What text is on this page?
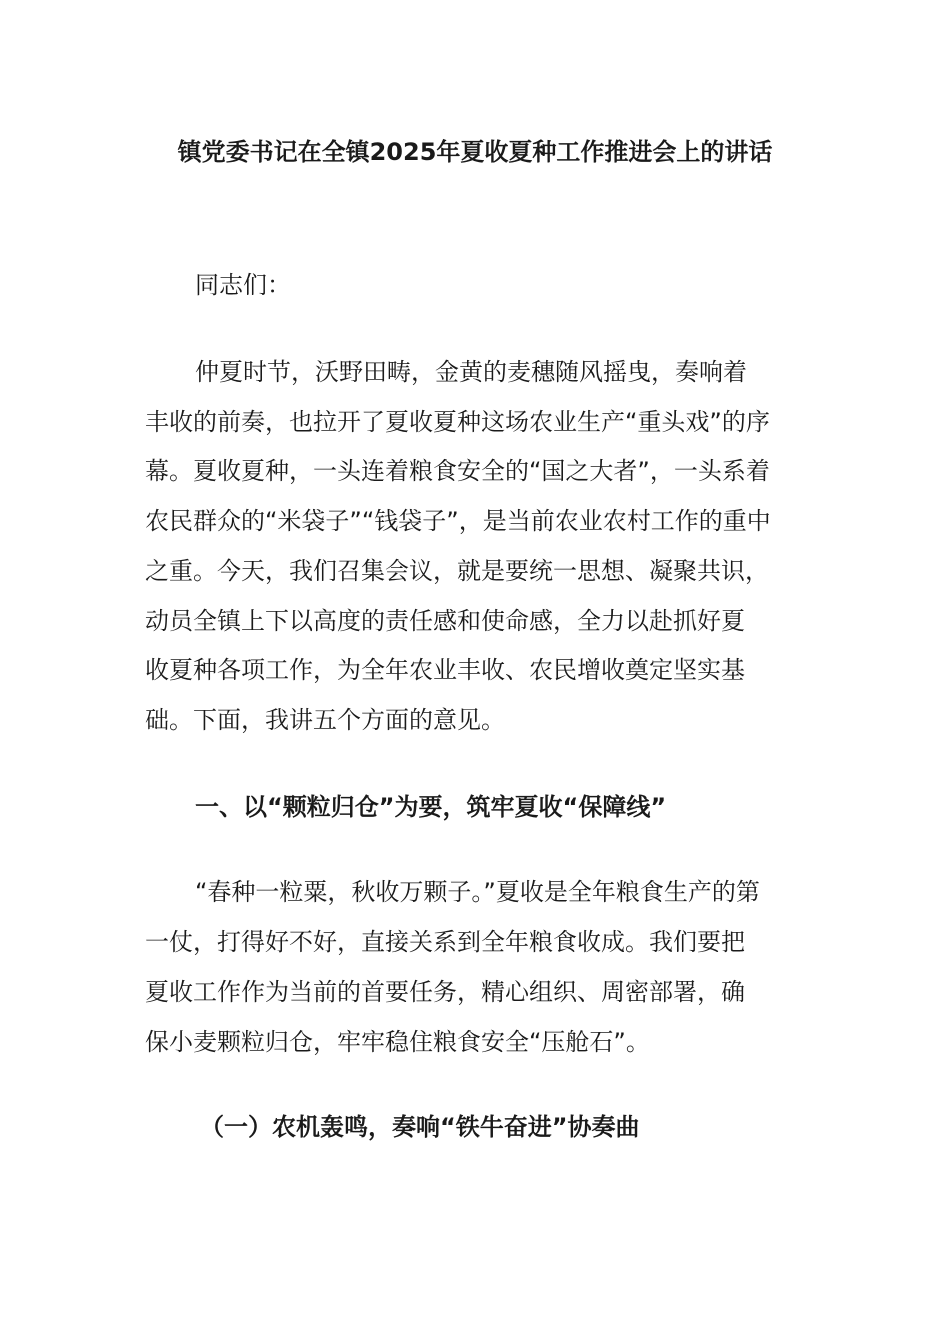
镇党委书记在全镇2025年夏收夏种工作推进会上的讲话
同志们：
仲夏时节，沃野田畴，金黄的麦穗随风摇曳，奏响着
丰收的前奏，也拉开了夏收夏种这场农业生产“重头戏”的序
幕。夏收夏种，一头连着粮食安全的“国之大者”，一头系着
农民群众的“米袋子”“钱袋子”，是当前农业农村工作的重中
之重。今天，我们召集会议，就是要统一思想、凝聚共识，
动员全镇上下以高度的责任感和使命感，全力以赴抓好夏
收夏种各项工作，为全年农业丰收、农民增收奠定坚实基
础。下面，我讲五个方面的意见。
一、以“颗粒归仓”为要，筑牢夏收“保障线”
“春种一粒粟，秋收万颗子。”夏收是全年粮食生产的第
一仗，打得好不好，直接关系到全年粮食收成。我们要把
夏收工作作为当前的首要任务，精心组织、周密部署，确
保小麦颗粒归仓，牢牢稳住粮食安全“压舱石”。
（一）农机轰鸣，奏响“铁牛奋进”协奏曲
